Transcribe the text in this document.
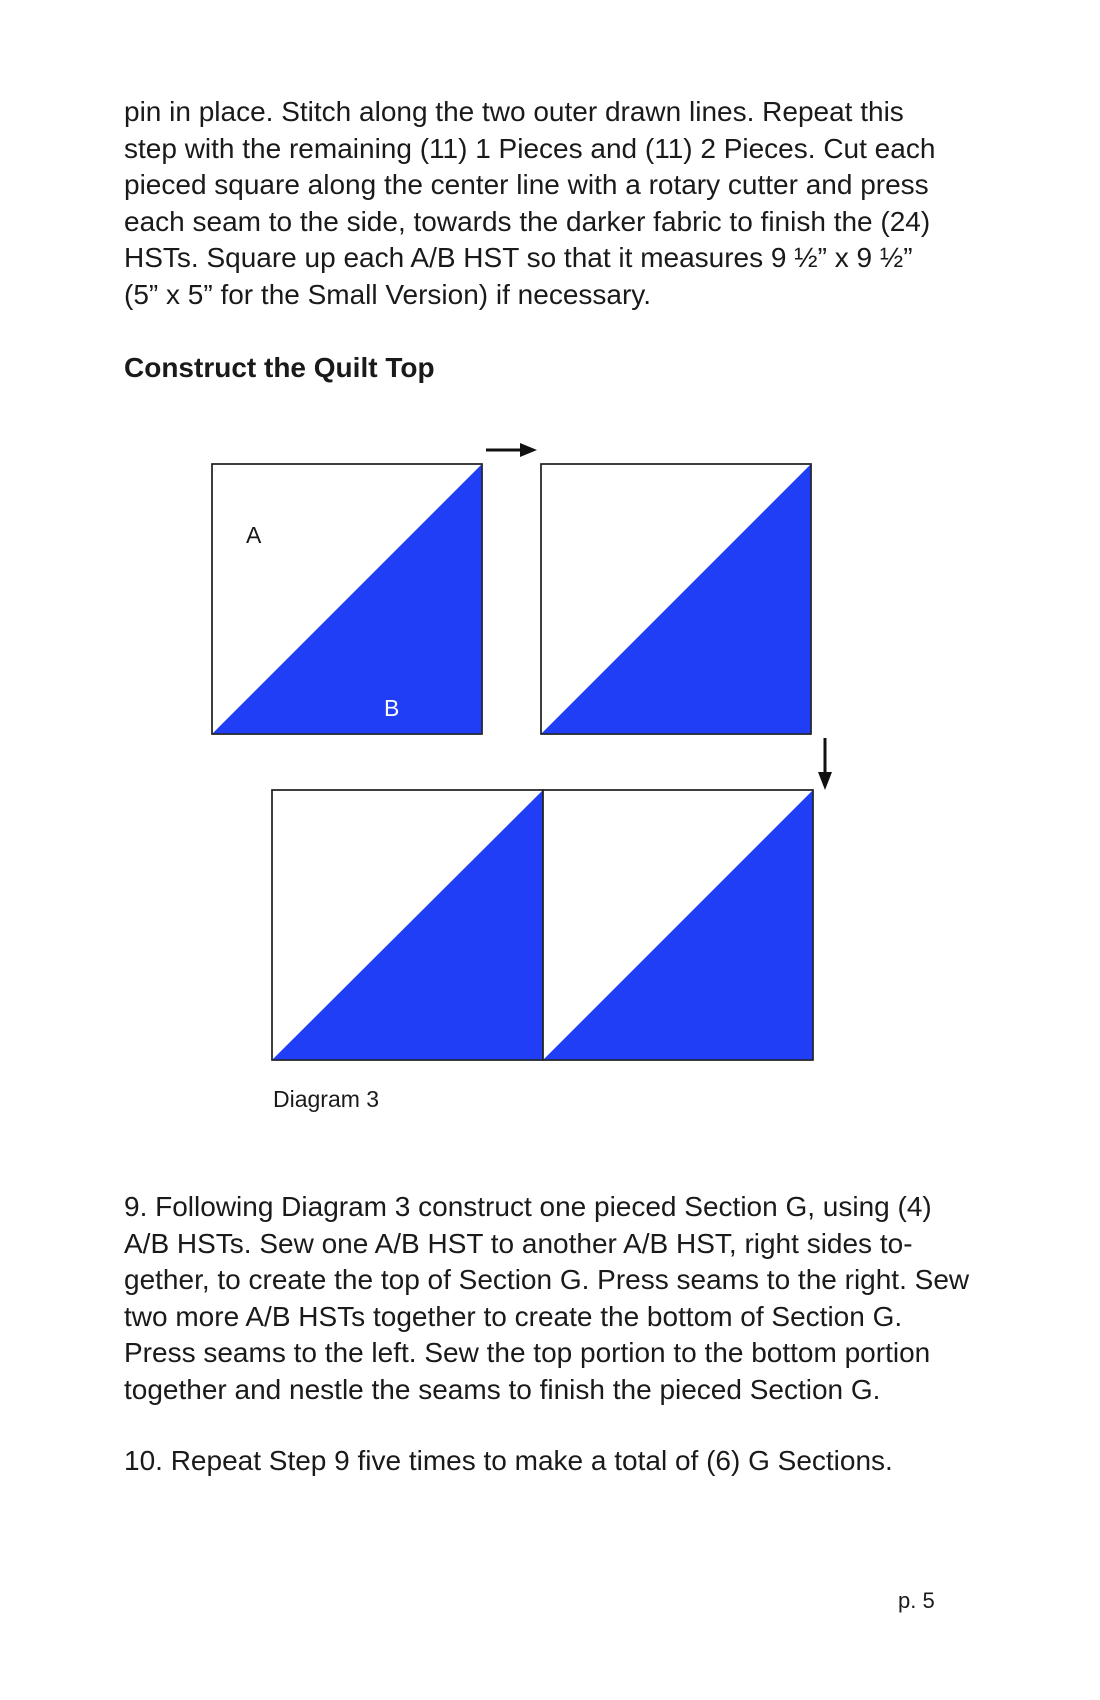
pin in place. Stitch along the two outer drawn lines. Repeat this
step with the remaining (11) 1 Pieces and (11) 2 Pieces. Cut each
pieced square along the center line with a rotary cutter and press
each seam to the side, towards the darker fabric to finish the (24)
HSTs. Square up each A/B HST so that it measures 9 ½” x 9 ½”
(5” x 5” for the Small Version) if necessary.

Construct the Quilt Top
A
B
Diagram 3

9. Following Diagram 3 construct one pieced Section G, using (4)
A/B HSTs. Sew one A/B HST to another A/B HST, right sides to-
gether, to create the top of Section G. Press seams to the right. Sew
two more A/B HSTs together to create the bottom of Section G.
Press seams to the left. Sew the top portion to the bottom portion
together and nestle the seams to finish the pieced Section G.

10. Repeat Step 9 five times to make a total of (6) G Sections.

p. 5
